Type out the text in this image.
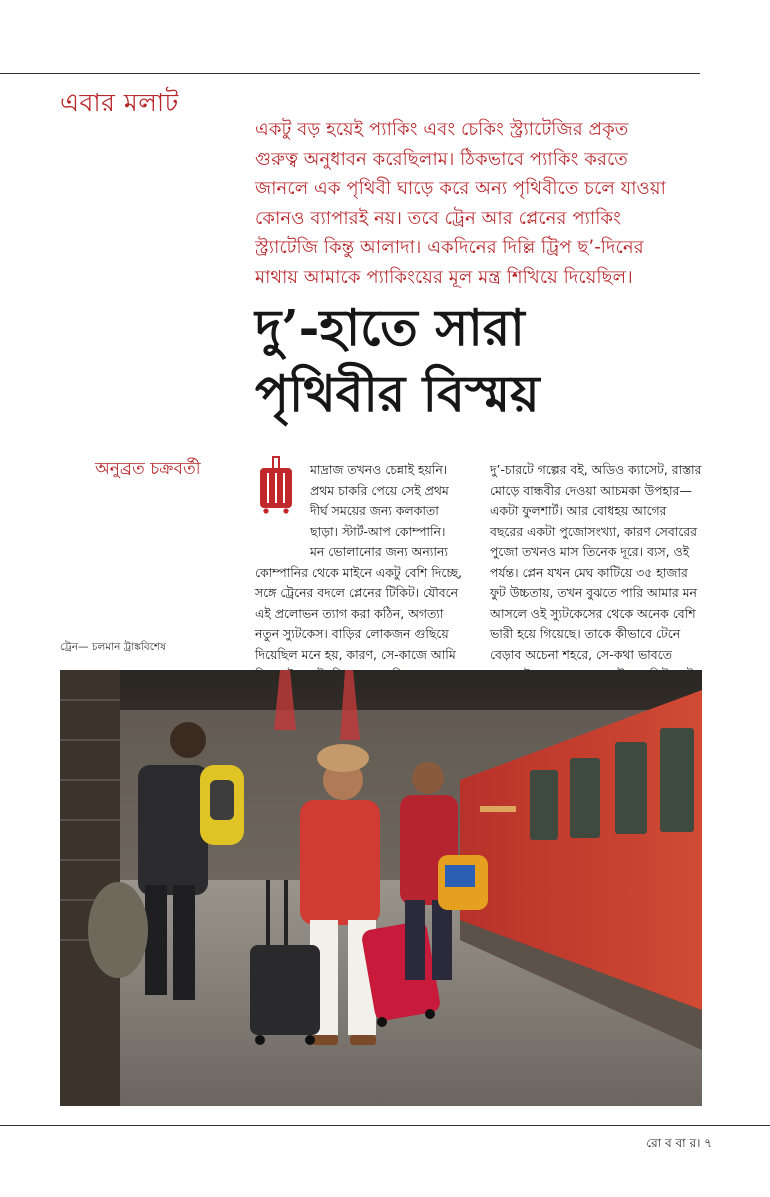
এবার মলাট
একটু বড় হয়েই প্যাকিং এবং চেকিং স্ট্র্যাটেজির প্রকৃত
গুরুত্ব অনুধাবন করেছিলাম। ঠিকভাবে প্যাকিং করতে
জানলে এক পৃথিবী ঘাড়ে করে অন্য পৃথিবীতে চলে যাওয়া
কোনও ব্যাপারই নয়। তবে ট্রেন আর প্লেনের প্যাকিং
স্ট্র্যাটেজি কিন্তু আলাদা। একদিনের দিল্লি ট্রিপ ছ’-দিনের
মাথায় আমাকে প্যাকিংয়ের মূল মন্ত্র শিখিয়ে দিয়েছিল।
দু’-হাতে সারা
পৃথিবীর বিস্ময়
অনুব্রত চক্রবর্তী	মাদ্রাজ তখনও চেন্নাই হয়নি।
প্রথম চাকরি পেয়ে সেই প্রথম
দীর্ঘ সময়ের জন্য কলকাতা
ছাড়া। স্টার্ট-আপ কোম্পানি।
মন ভোলানোর জন্য অন্যান্য
কোম্পানির থেকে মাইনে একটু বেশি দিচ্ছে,
সঙ্গে ট্রেনের বদলে প্লেনের টিকিট। যৌবনে
এই প্রলোভন ত্যাগ করা কঠিন, অগত্যা
নতুন স্যুটকেস। বাড়ির লোকজন গুছিয়ে
দিয়েছিল মনে হয়, কারণ, সে-কাজে আমি
দু’-চারটে গল্পের বই, অডিও ক্যাসেট, রাস্তার
মোড়ে বান্ধবীর দেওয়া আচমকা উপহার—
একটা ফুলশার্ট। আর বোধহয় আগের
বছরের একটা পুজোসংখ্যা, কারণ সেবারের
পুজো তখনও মাস তিনেক দূরে। ব্যস, ওই
পর্যন্ত। প্লেন যখন মেঘ কাটিয়ে ৩৫ হাজার
ফুট উচ্চতায়, তখন বুঝতে পারি আমার মন
আসলে ওই স্যুটকেসের থেকে অনেক বেশি
ভারী হয়ে গিয়েছে। তাকে কীভাবে টেনে
বেড়াব অচেনা শহরে, সে-কথা ভাবতে
ট্রেন— চলমান ট্রাঙ্কবিশেষ
রো ব বা র। ৭
